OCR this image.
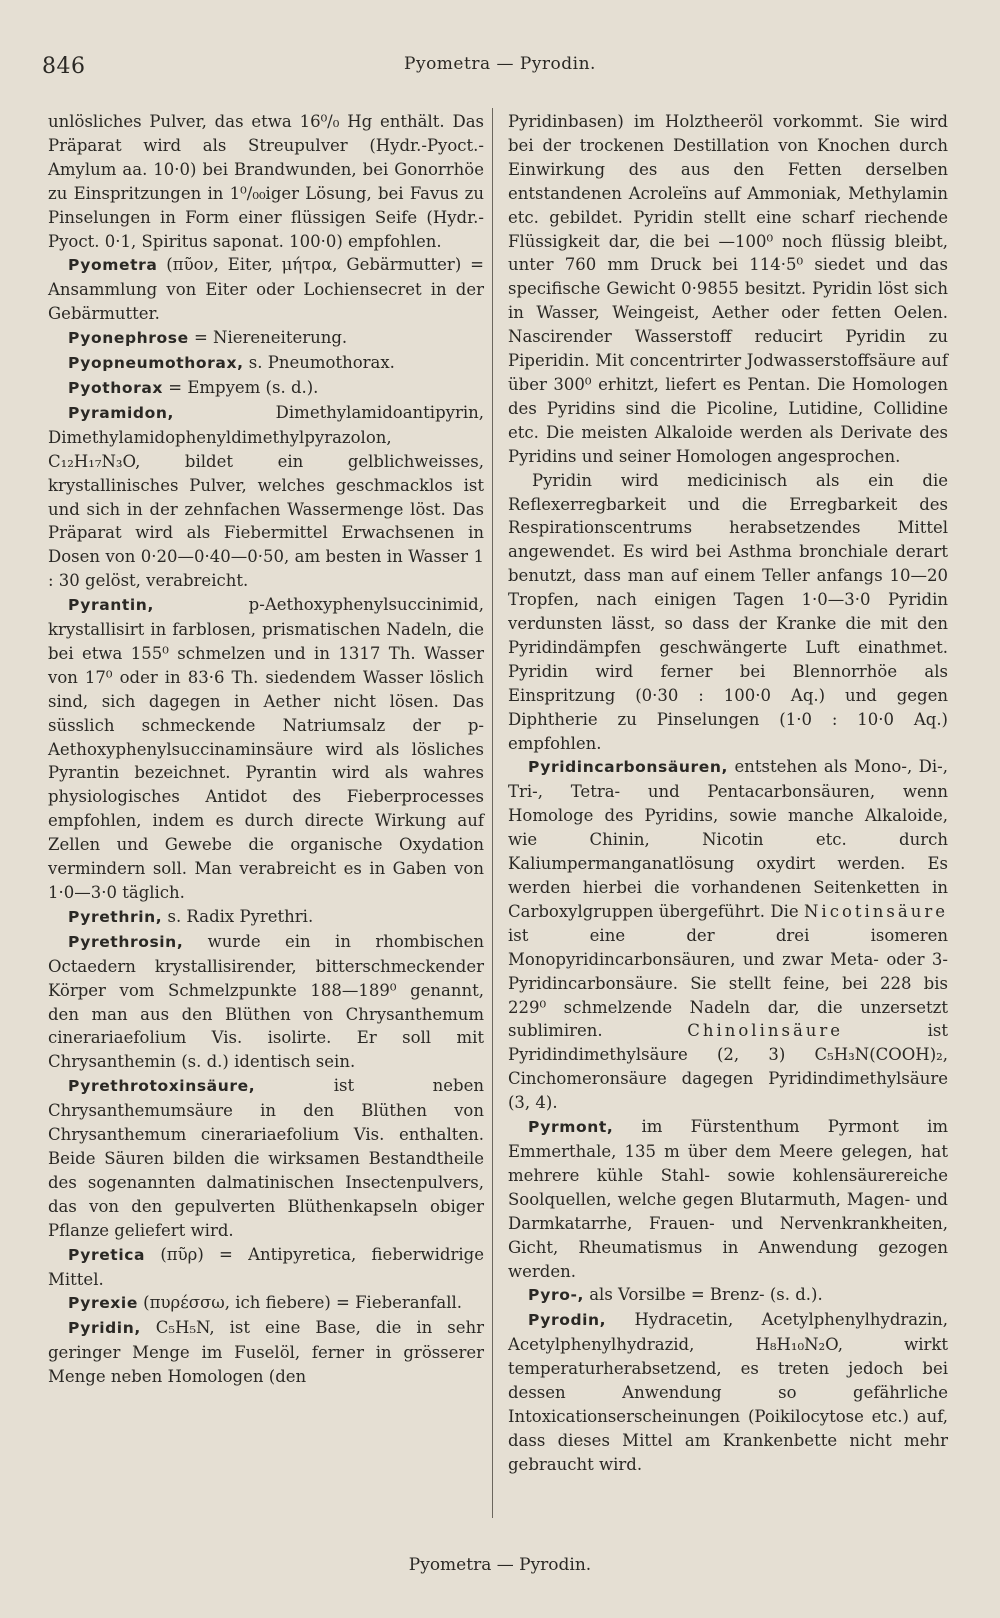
846	Pyometra — Pyrodin.

unlösliches Pulver, das etwa 16⁰/₀ Hg enthält. Das Präparat wird als Streupulver (Hydr.-Pyoct.-Amylum aa. 10·0) bei Brandwunden, bei Gonorrhöe zu Einspritzungen in 1⁰/₀₀iger Lösung, bei Favus zu Pinselungen in Form einer flüssigen Seife (Hydr.-Pyoct. 0·1, Spiritus saponat. 100·0) empfohlen.

Pyometra (πῦον, Eiter, μήτρα, Gebärmutter) = Ansammlung von Eiter oder Lochiensecret in der Gebärmutter.

Pyonephrose = Niereneiterung.

Pyopneumothorax, s. Pneumothorax.

Pyothorax = Empyem (s. d.).

Pyramidon, Dimethylamidoantipyrin, Dimethylamidophenyldimethylpyrazolon, C₁₂H₁₇N₃O, bildet ein gelblichweisses, krystallinisches Pulver, welches geschmacklos ist und sich in der zehnfachen Wassermenge löst. Das Präparat wird als Fiebermittel Erwachsenen in Dosen von 0·20—0·40—0·50, am besten in Wasser 1 : 30 gelöst, verabreicht.

Pyrantin, p-Aethoxyphenylsuccinimid, krystallisirt in farblosen, prismatischen Nadeln, die bei etwa 155⁰ schmelzen und in 1317 Th. Wasser von 17⁰ oder in 83·6 Th. siedendem Wasser löslich sind, sich dagegen in Aether nicht lösen. Das süsslich schmeckende Natriumsalz der p-Aethoxyphenylsuccinaminsäure wird als lösliches Pyrantin bezeichnet. Pyrantin wird als wahres physiologisches Antidot des Fieberprocesses empfohlen, indem es durch directe Wirkung auf Zellen und Gewebe die organische Oxydation vermindern soll. Man verabreicht es in Gaben von 1·0—3·0 täglich.

Pyrethrin, s. Radix Pyrethri.

Pyrethrosin, wurde ein in rhombischen Octaedern krystallisirender, bitterschmeckender Körper vom Schmelzpunkte 188—189⁰ genannt, den man aus den Blüthen von Chrysanthemum cinerariaefolium Vis. isolirte. Er soll mit Chrysanthemin (s. d.) identisch sein.

Pyrethrotoxinsäure, ist neben Chrysanthemumsäure in den Blüthen von Chrysanthemum cinerariaefolium Vis. enthalten. Beide Säuren bilden die wirksamen Bestandtheile des sogenannten dalmatinischen Insectenpulvers, das von den gepulverten Blüthenkapseln obiger Pflanze geliefert wird.

Pyretica (πῦρ) = Antipyretica, fieberwidrige Mittel.

Pyrexie (πυρέσσω, ich fiebere) = Fieberanfall.

Pyridin, C₅H₅N, ist eine Base, die in sehr geringer Menge im Fuselöl, ferner in grösserer Menge neben Homologen (den

Pyridinbasen) im Holztheeröl vorkommt. Sie wird bei der trockenen Destillation von Knochen durch Einwirkung des aus den Fetten derselben entstandenen Acroleïns auf Ammoniak, Methylamin etc. gebildet. Pyridin stellt eine scharf riechende Flüssigkeit dar, die bei —100⁰ noch flüssig bleibt, unter 760 mm Druck bei 114·5⁰ siedet und das specifische Gewicht 0·9855 besitzt. Pyridin löst sich in Wasser, Weingeist, Aether oder fetten Oelen. Nascirender Wasserstoff reducirt Pyridin zu Piperidin. Mit concentrirter Jodwasserstoffsäure auf über 300⁰ erhitzt, liefert es Pentan. Die Homologen des Pyridins sind die Picoline, Lutidine, Collidine etc. Die meisten Alkaloide werden als Derivate des Pyridins und seiner Homologen angesprochen.

Pyridin wird medicinisch als ein die Reflexerregbarkeit und die Erregbarkeit des Respirationscentrums herabsetzendes Mittel angewendet. Es wird bei Asthma bronchiale derart benutzt, dass man auf einem Teller anfangs 10—20 Tropfen, nach einigen Tagen 1·0—3·0 Pyridin verdunsten lässt, so dass der Kranke die mit den Pyridindämpfen geschwängerte Luft einathmet. Pyridin wird ferner bei Blennorrhöe als Einspritzung (0·30 : 100·0 Aq.) und gegen Diphtherie zu Pinselungen (1·0 : 10·0 Aq.) empfohlen.

Pyridincarbonsäuren, entstehen als Mono-, Di-, Tri-, Tetra- und Pentacarbonsäuren, wenn Homologe des Pyridins, sowie manche Alkaloide, wie Chinin, Nicotin etc. durch Kaliumpermanganatlösung oxydirt werden. Es werden hierbei die vorhandenen Seitenketten in Carboxylgruppen übergeführt. Die Nicotinsäure ist eine der drei isomeren Monopyridincarbonsäuren, und zwar Meta- oder 3-Pyridincarbonsäure. Sie stellt feine, bei 228 bis 229⁰ schmelzende Nadeln dar, die unzersetzt sublimiren. Chinolinsäure ist Pyridindimethylsäure (2, 3) C₅H₃N(COOH)₂, Cinchomeronsäure dagegen Pyridindimethylsäure (3, 4).

Pyrmont, im Fürstenthum Pyrmont im Emmerthale, 135 m über dem Meere gelegen, hat mehrere kühle Stahl- sowie kohlensäurereiche Soolquellen, welche gegen Blutarmuth, Magen- und Darmkatarrhe, Frauen- und Nervenkrankheiten, Gicht, Rheumatismus in Anwendung gezogen werden.

Pyro-, als Vorsilbe = Brenz- (s. d.).

Pyrodin, Hydracetin, Acetylphenylhydrazin, Acetylphenylhydrazid, H₈H₁₀N₂O, wirkt temperaturherabsetzend, es treten jedoch bei dessen Anwendung so gefährliche Intoxicationserscheinungen (Poikilocytose etc.) auf, dass dieses Mittel am Krankenbette nicht mehr gebraucht wird.

Pyometra — Pyrodin.
